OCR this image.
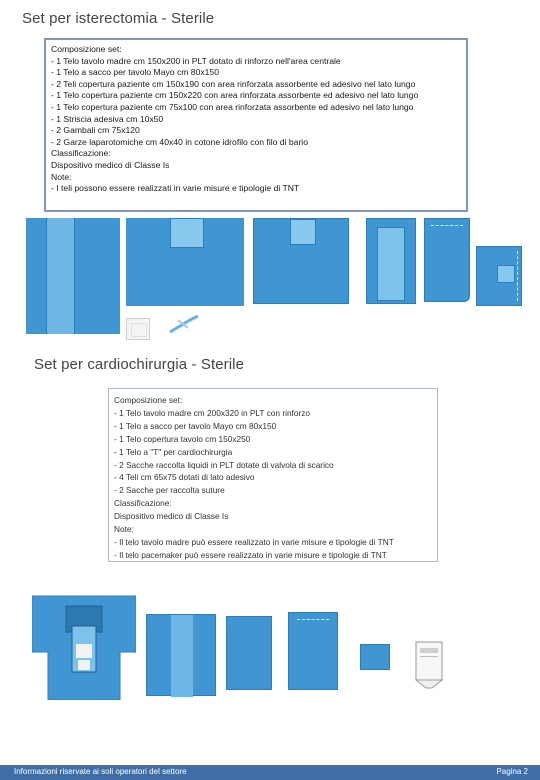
Set per isterectomia - Sterile
Composizione set:
- 1 Telo tavolo madre cm 150x200 in PLT dotato di rinforzo nell'area centrale
- 1 Telo a sacco per tavolo Mayo cm 80x150
- 2 Teli copertura paziente cm 150x190 con area rinforzata assorbente ed adesivo nel lato lungo
- 1 Telo copertura paziente cm 150x220 con area rinforzata assorbente ed adesivo nel lato lungo
- 1 Telo copertura paziente cm 75x100 con area rinforzata assorbente ed adesivo nel lato lungo
- 1 Striscia adesiva cm 10x50
- 2 Gambali cm 75x120
- 2 Garze laparotomiche cm 40x40 in cotone idrofilo con filo di bario
Classificazione:
Dispositivo medico di Classe Is
Note:
- I teli possono essere realizzati in varie misure e tipologie di TNT
Set per cardiochirurgia - Sterile
Composizione set:
- 1 Telo tavolo madre cm 200x320 in PLT con rinforzo
- 1 Telo a sacco per tavolo Mayo cm 80x150
- 1 Telo copertura tavolo cm 150x250
- 1 Telo a "T" per cardiochirurgia
- 2 Sacche raccolta liquidi in PLT dotate di valvola di scarico
- 4 Teli cm 65x75 dotati di lato adesivo
- 2 Sacche per raccolta suture
Classificazione:
Dispositivo medico di Classe Is
Note:
- Il telo tavolo madre può essere realizzato in varie misure e tipologie di TNT
- Il telo pacemaker può essere realizzato in varie misure e tipologie di TNT
Informazioni riservate ai soli operatori del settore	Pagina 2
